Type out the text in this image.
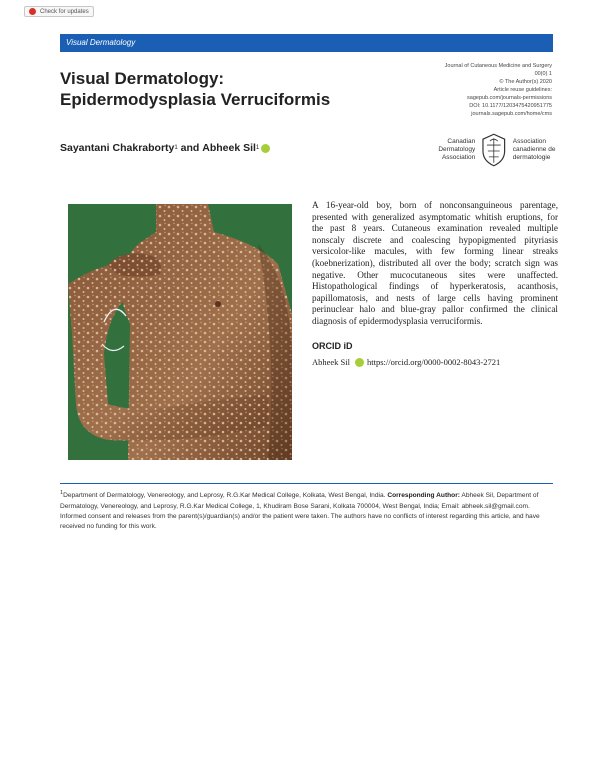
Check for updates
Visual Dermatology
Visual Dermatology: Epidermodysplasia Verruciformis
Sayantani Chakraborty 1 and Abheek Sil 1
Journal of Cutaneous Medicine and Surgery
00(0) 1
© The Author(s) 2020
Article reuse guidelines:
sagepub.com/journals-permissions
DOI: 10.1177/1203475420951775
journals.sagepub.com/home/cms
Canadian
Dermatology
Association
Association
canadienne de
dermatologie
A 16-year-old boy, born of nonconsanguineous parentage, presented with generalized asymptomatic whitish eruptions, for the past 8 years. Cutaneous examination revealed multiple nonscaly discrete and coalescing hypopigmented pityriasis versicolor-like macules, with few forming linear streaks (koebnerization), distributed all over the body; scratch sign was negative. Other mucocutaneous sites were unaffected. Histopathological findings of hyperkeratosis, acanthosis, papillomatosis, and nests of large cells having prominent perinuclear halo and blue-gray pallor confirmed the clinical diagnosis of epidermodysplasia verruciformis.
ORCID iD
Abheek Sil https://orcid.org/0000-0002-8043-2721
$^1$Department of Dermatology, Venereology, and Leprosy, R.G.Kar Medical College, Kolkata, West Bengal, India. Corresponding Author: Abheek Sil, Department of Dermatology, Venereology, and Leprosy, R.G.Kar Medical College, 1, Khudiram Bose Sarani, Kolkata 700004, West Bengal, India; Email: abheek.sil@gmail.com. Informed consent and releases from the parent(s)/guardian(s) and/or the patient were taken. The authors have no conflicts of interest regarding this article, and have received no funding for this work.
